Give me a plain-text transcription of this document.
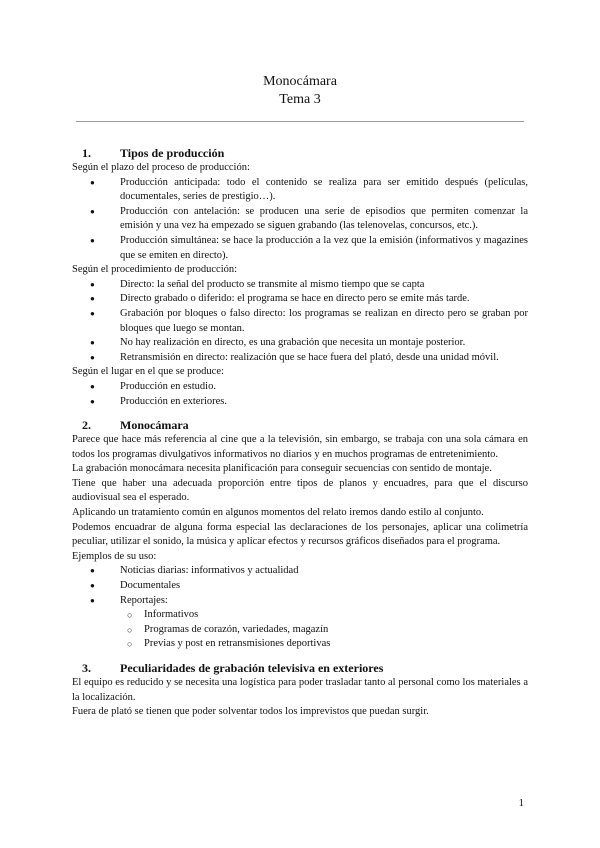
Monocámara
Tema 3
1.	Tipos de producción

Según el plazo del proceso de producción:

● Producción anticipada: todo el contenido se realiza para ser emitido después (películas, documentales, series de prestigio…).
● Producción con antelación: se producen una serie de episodios que permiten comenzar la emisión y una vez ha empezado se siguen grabando (las telenovelas, concursos, etc.).
● Producción simultánea: se hace la producción a la vez que la emisión (informativos y magazines que se emiten en directo).

Según el procedimiento de producción:

● Directo: la señal del producto se transmite al mismo tiempo que se capta
● Directo grabado o diferido: el programa se hace en directo pero se emite más tarde.
● Grabación por bloques o falso directo: los programas se realizan en directo pero se graban por bloques que luego se montan.
● No hay realización en directo, es una grabación que necesita un montaje posterior.
● Retransmisión en directo: realización que se hace fuera del plató, desde una unidad móvil.

Según el lugar en el que se produce:

● Producción en estudio.
● Producción en exteriores.
2.	Monocámara

Parece que hace más referencia al cine que a la televisión, sin embargo, se trabaja con una sola cámara en todos los programas divulgativos informativos no diarios y en muchos programas de entretenimiento.

La grabación monocámara necesita planificación para conseguir secuencias con sentido de montaje.

Tiene que haber una adecuada proporción entre tipos de planos y encuadres, para que el discurso audiovisual sea el esperado.

Aplicando un tratamiento común en algunos momentos del relato iremos dando estilo al conjunto.

Podemos encuadrar de alguna forma especial las declaraciones de los personajes, aplicar una colimetría peculiar, utilizar el sonido, la música y aplicar efectos y recursos gráficos diseñados para el programa.

Ejemplos de su uso:

● Noticias diarias: informativos y actualidad
● Documentales
● Reportajes:
○ Informativos
○ Programas de corazón, variedades, magazín
○ Previas y post en retransmisiones deportivas
3.	Peculiaridades de grabación televisiva en exteriores

El equipo es reducido y se necesita una logística para poder trasladar tanto al personal como los materiales a la localización.

Fuera de plató se tienen que poder solventar todos los imprevistos que puedan surgir.

1
